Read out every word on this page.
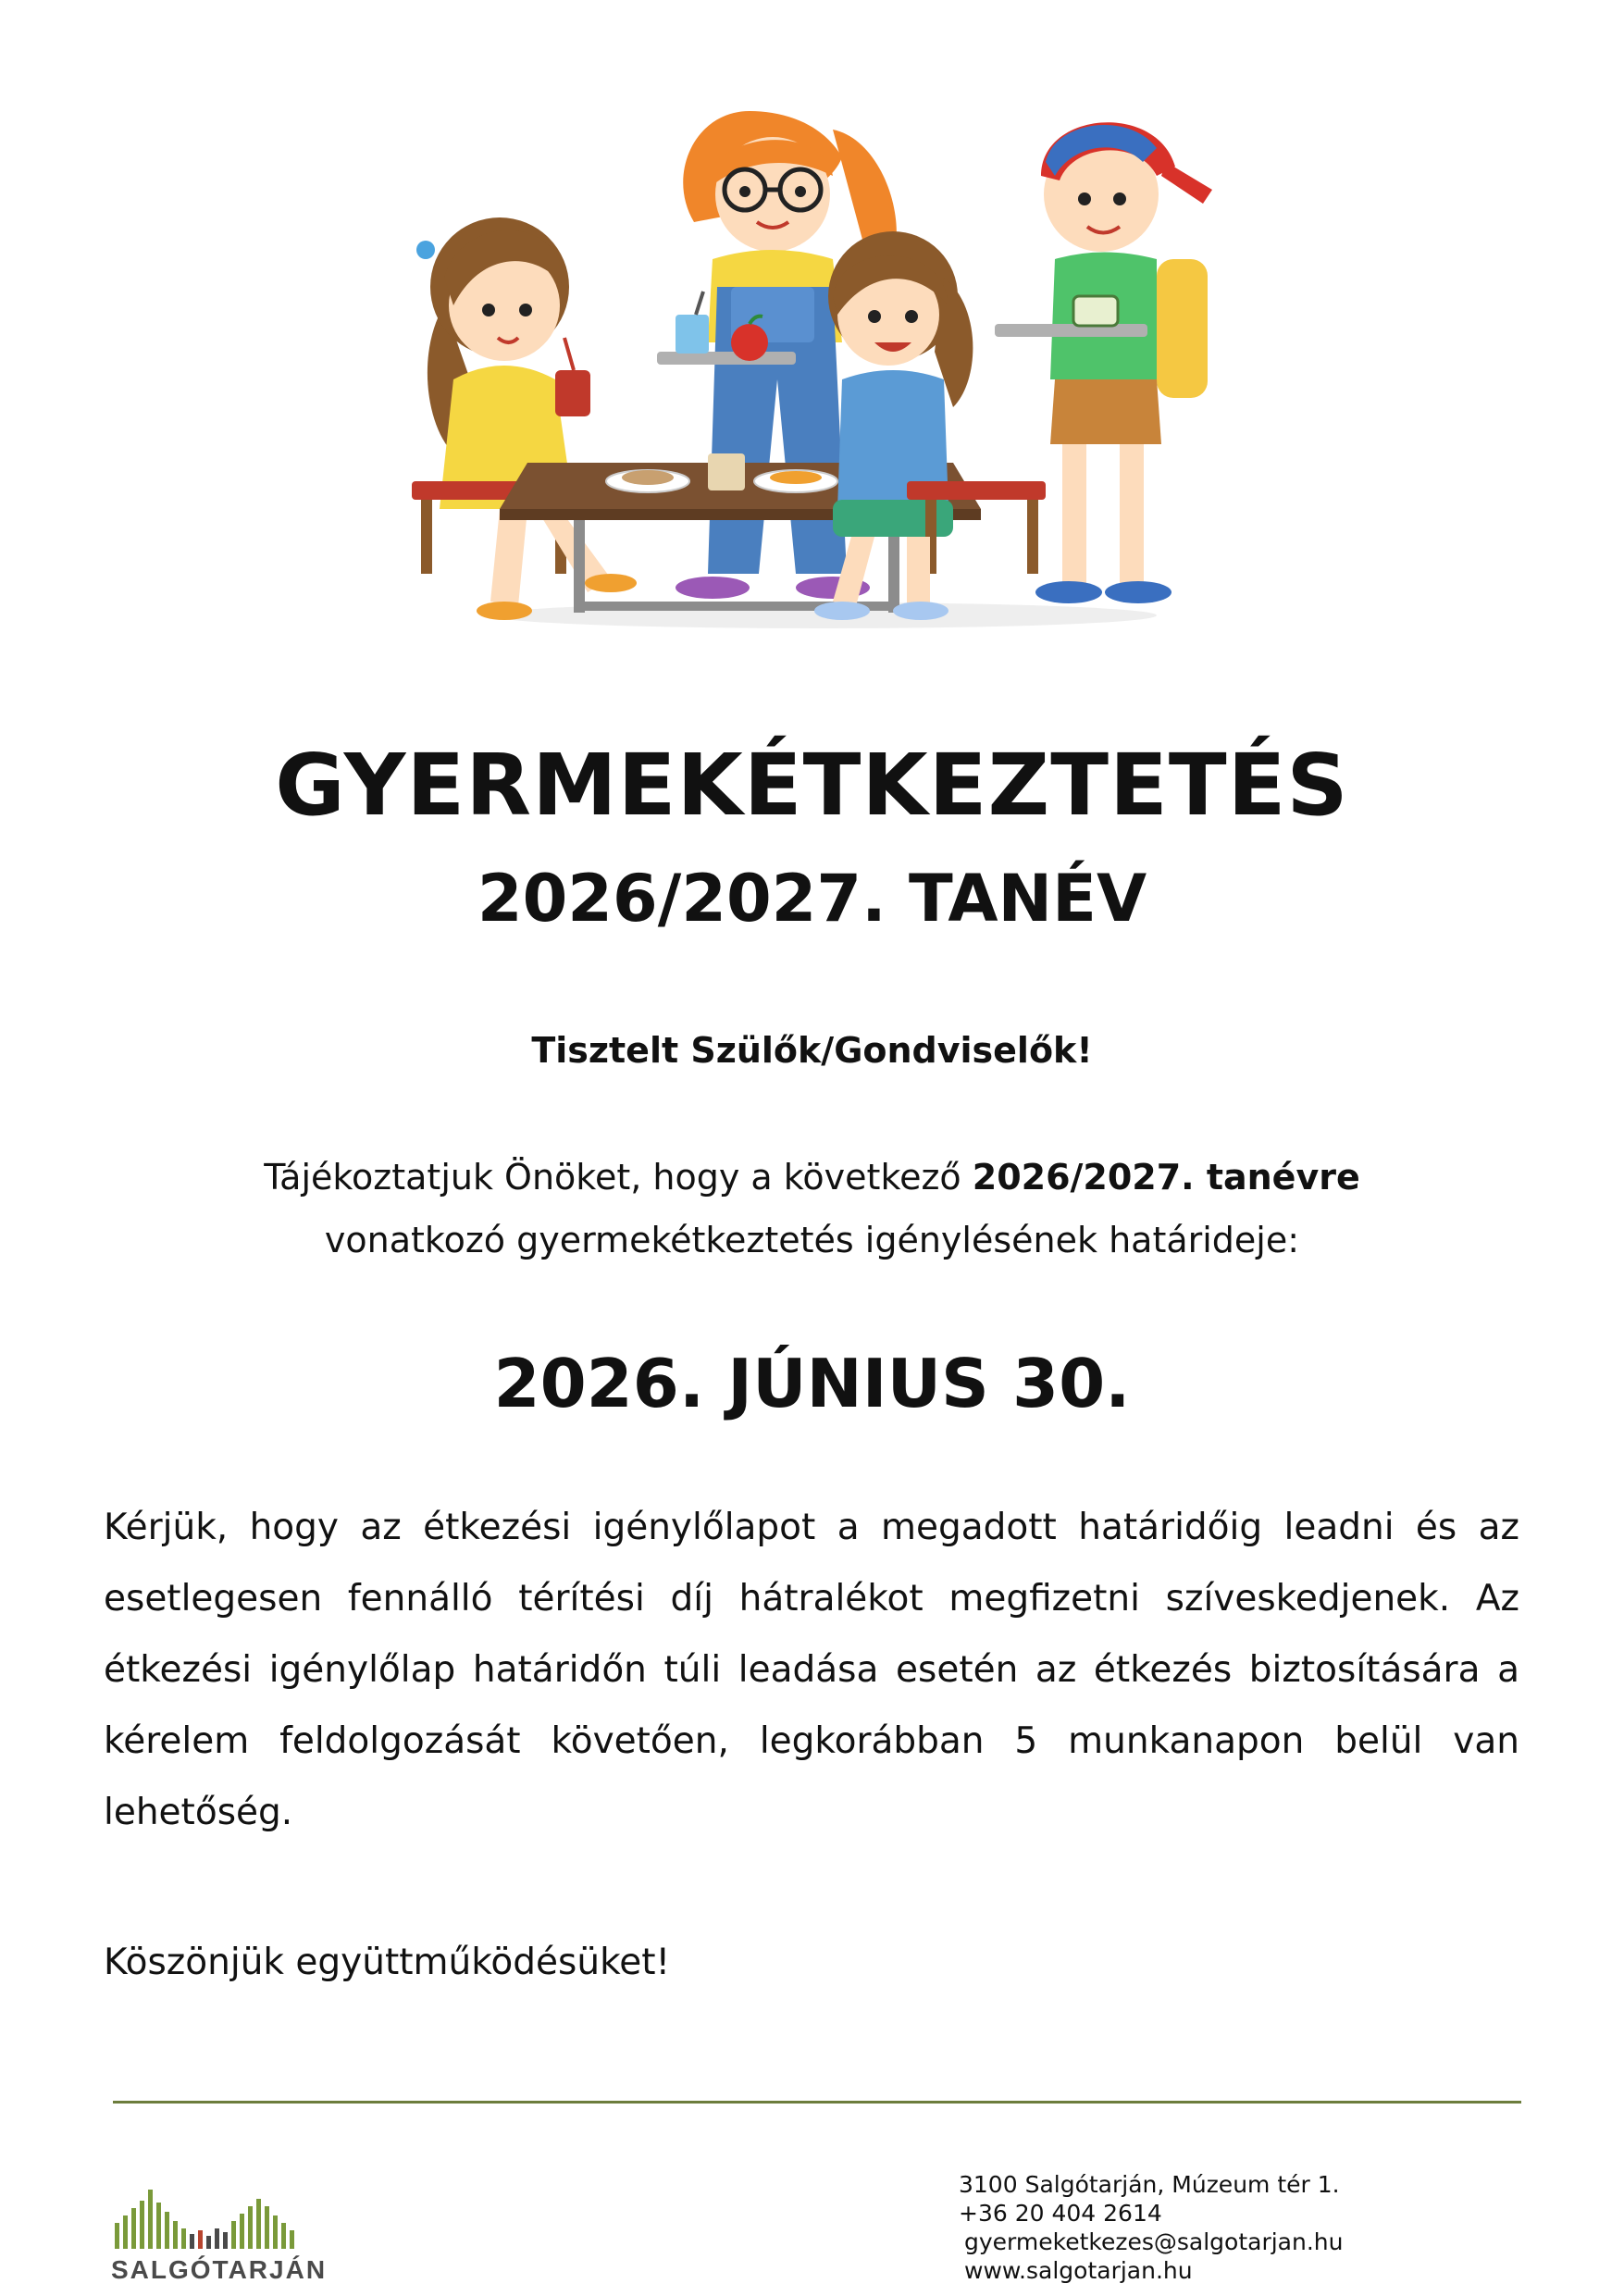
GYERMEKÉTKEZTETÉS
2026/2027. TANÉV

Tisztelt Szülők/Gondviselők!

Tájékoztatjuk Önöket, hogy a következő 2026/2027. tanévre
vonatkozó gyermekétkeztetés igénylésének határideje:

2026. JÚNIUS 30.

Kérjük, hogy az étkezési igénylőlapot a megadott határidőig leadni és az esetlegesen fennálló térítési díj hátralékot megfizetni szíveskedjenek. Az étkezési igénylőlap határidőn túli leadása esetén az étkezés biztosítására a kérelem feldolgozását követően, legkorábban 5 munkanapon belül van lehetőség.

Köszönjük együttműködésüket!

SALGÓTARJÁN
3100 Salgótarján, Múzeum tér 1.
+36 20 404 2614
gyermeketkezes@salgotarjan.hu
www.salgotarjan.hu
